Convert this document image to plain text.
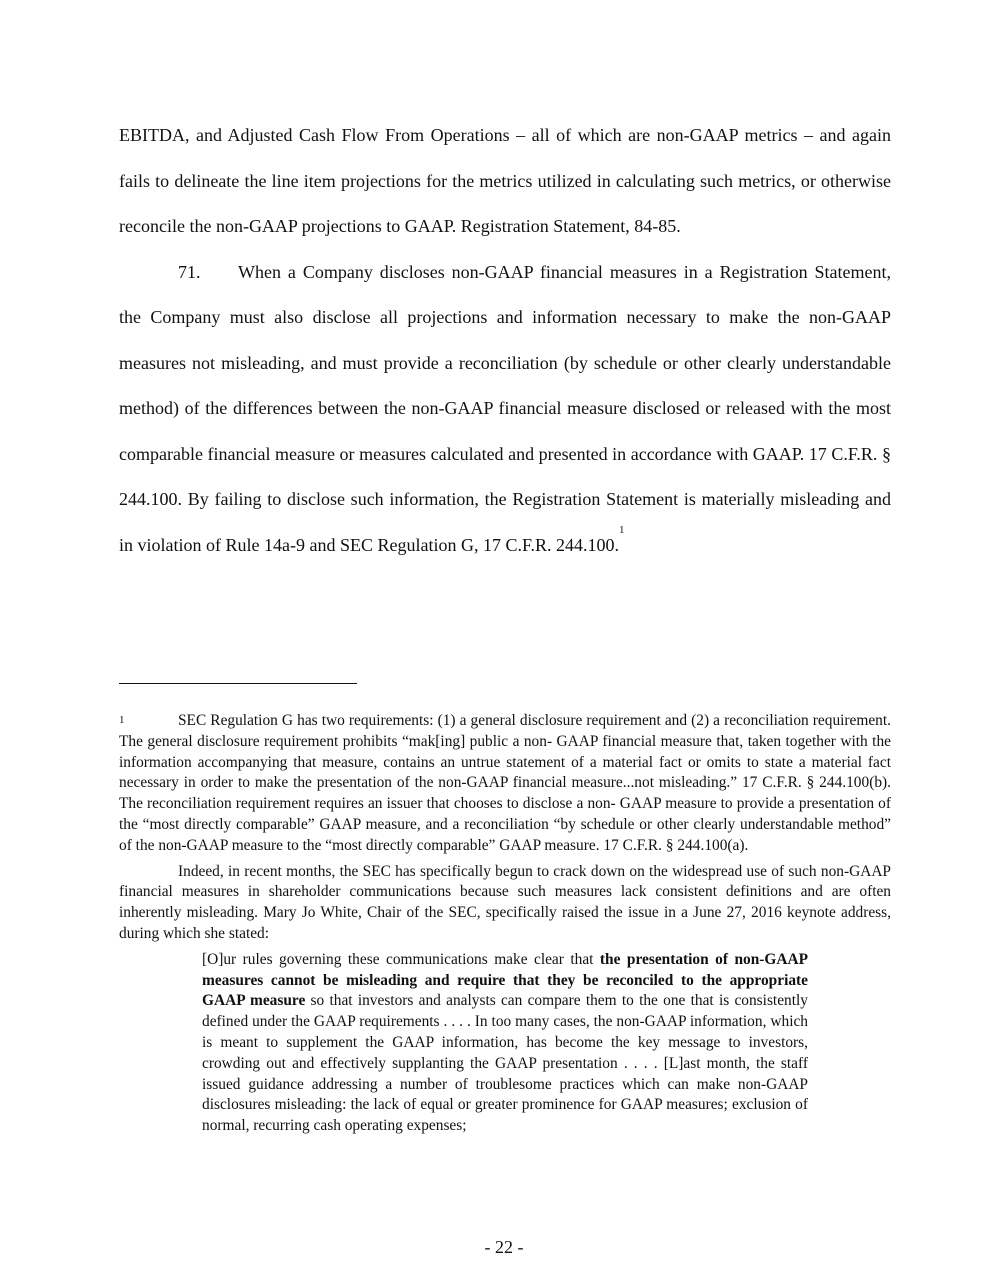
EBITDA, and Adjusted Cash Flow From Operations – all of which are non-GAAP metrics – and again fails to delineate the line item projections for the metrics utilized in calculating such metrics, or otherwise reconcile the non-GAAP projections to GAAP. Registration Statement, 84-85.

71. When a Company discloses non-GAAP financial measures in a Registration Statement, the Company must also disclose all projections and information necessary to make the non-GAAP measures not misleading, and must provide a reconciliation (by schedule or other clearly understandable method) of the differences between the non-GAAP financial measure disclosed or released with the most comparable financial measure or measures calculated and presented in accordance with GAAP. 17 C.F.R. § 244.100. By failing to disclose such information, the Registration Statement is materially misleading and in violation of Rule 14a-9 and SEC Regulation G, 17 C.F.R. 244.100.$^1$

1	SEC Regulation G has two requirements: (1) a general disclosure requirement and (2) a reconciliation requirement. The general disclosure requirement prohibits “mak[ing] public a non- GAAP financial measure that, taken together with the information accompanying that measure, contains an untrue statement of a material fact or omits to state a material fact necessary in order to make the presentation of the non-GAAP financial measure...not misleading.” 17 C.F.R. § 244.100(b). The reconciliation requirement requires an issuer that chooses to disclose a non- GAAP measure to provide a presentation of the “most directly comparable” GAAP measure, and a reconciliation “by schedule or other clearly understandable method” of the non-GAAP measure to the “most directly comparable” GAAP measure. 17 C.F.R. § 244.100(a).

Indeed, in recent months, the SEC has specifically begun to crack down on the widespread use of such non-GAAP financial measures in shareholder communications because such measures lack consistent definitions and are often inherently misleading. Mary Jo White, Chair of the SEC, specifically raised the issue in a June 27, 2016 keynote address, during which she stated:

[O]ur rules governing these communications make clear that the presentation of non-GAAP measures cannot be misleading and require that they be reconciled to the appropriate GAAP measure so that investors and analysts can compare them to the one that is consistently defined under the GAAP requirements . . . . In too many cases, the non-GAAP information, which is meant to supplement the GAAP information, has become the key message to investors, crowding out and effectively supplanting the GAAP presentation . . . . [L]ast month, the staff issued guidance addressing a number of troublesome practices which can make non-GAAP disclosures misleading: the lack of equal or greater prominence for GAAP measures; exclusion of normal, recurring cash operating expenses;

- 22 -
